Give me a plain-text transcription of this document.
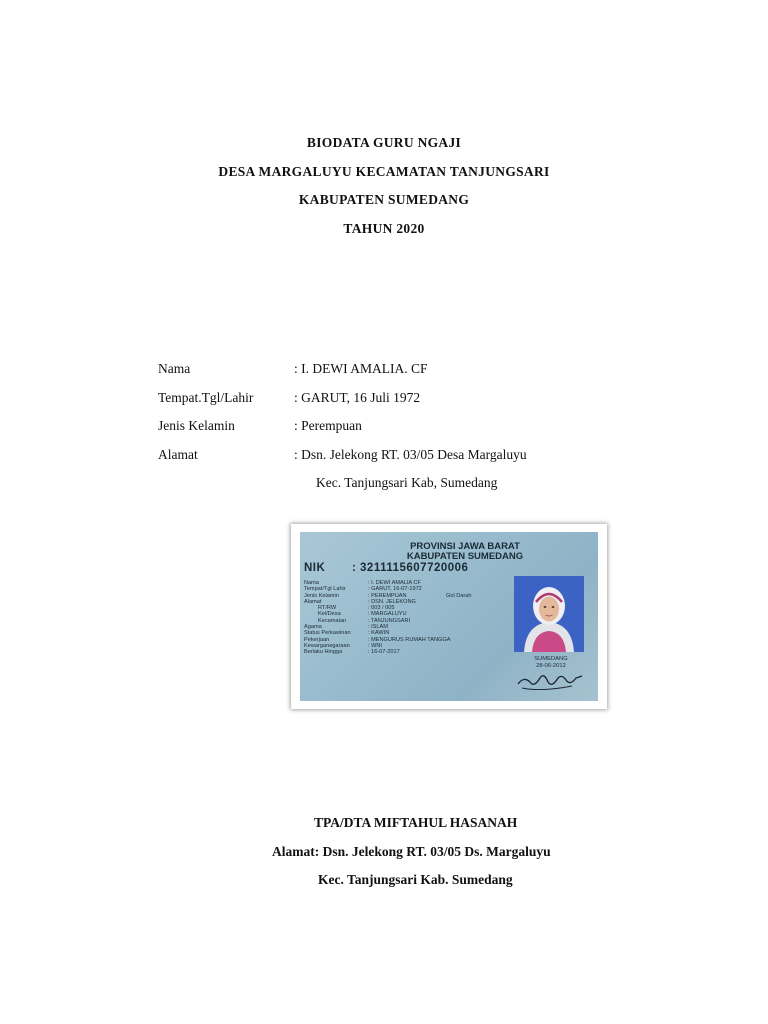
BIODATA GURU NGAJI
DESA MARGALUYU KECAMATAN TANJUNGSARI
KABUPATEN SUMEDANG
TAHUN 2020
Nama	: I. DEWI AMALIA. CF
Tempat.Tgl/Lahir	: GARUT, 16 Juli 1972
Jenis Kelamin	: Perempuan
Alamat	: Dsn. Jelekong RT. 03/05 Desa Margaluyu
Kec. Tanjungsari Kab, Sumedang
PROVINSI JAWA BARAT
KABUPATEN SUMEDANG
NIK : 3211115607720006
Nama	: I. DEWI AMALIA CF
Tempat/Tgl Lahir	: GARUT, 16-07-1972
Jenis Kelamin	: PEREMPUAN	Gol Darah
Alamat	: DSN. JELEKONG
RT/RW	: 003 / 005
Kel/Desa	: MARGALUYU
Kecamatan	: TANJUNGSARI
Agama	: ISLAM
Status Perkawinan	: KAWIN
Pekerjaan	: MENGURUS RUMAH TANGGA
Kewarganegaraan	: WNI
Berlaku Hingga	: 16-07-2017
SUMEDANG
28-06-2012
TPA/DTA MIFTAHUL HASANAH
Alamat: Dsn. Jelekong RT. 03/05 Ds. Margaluyu
Kec. Tanjungsari Kab. Sumedang
